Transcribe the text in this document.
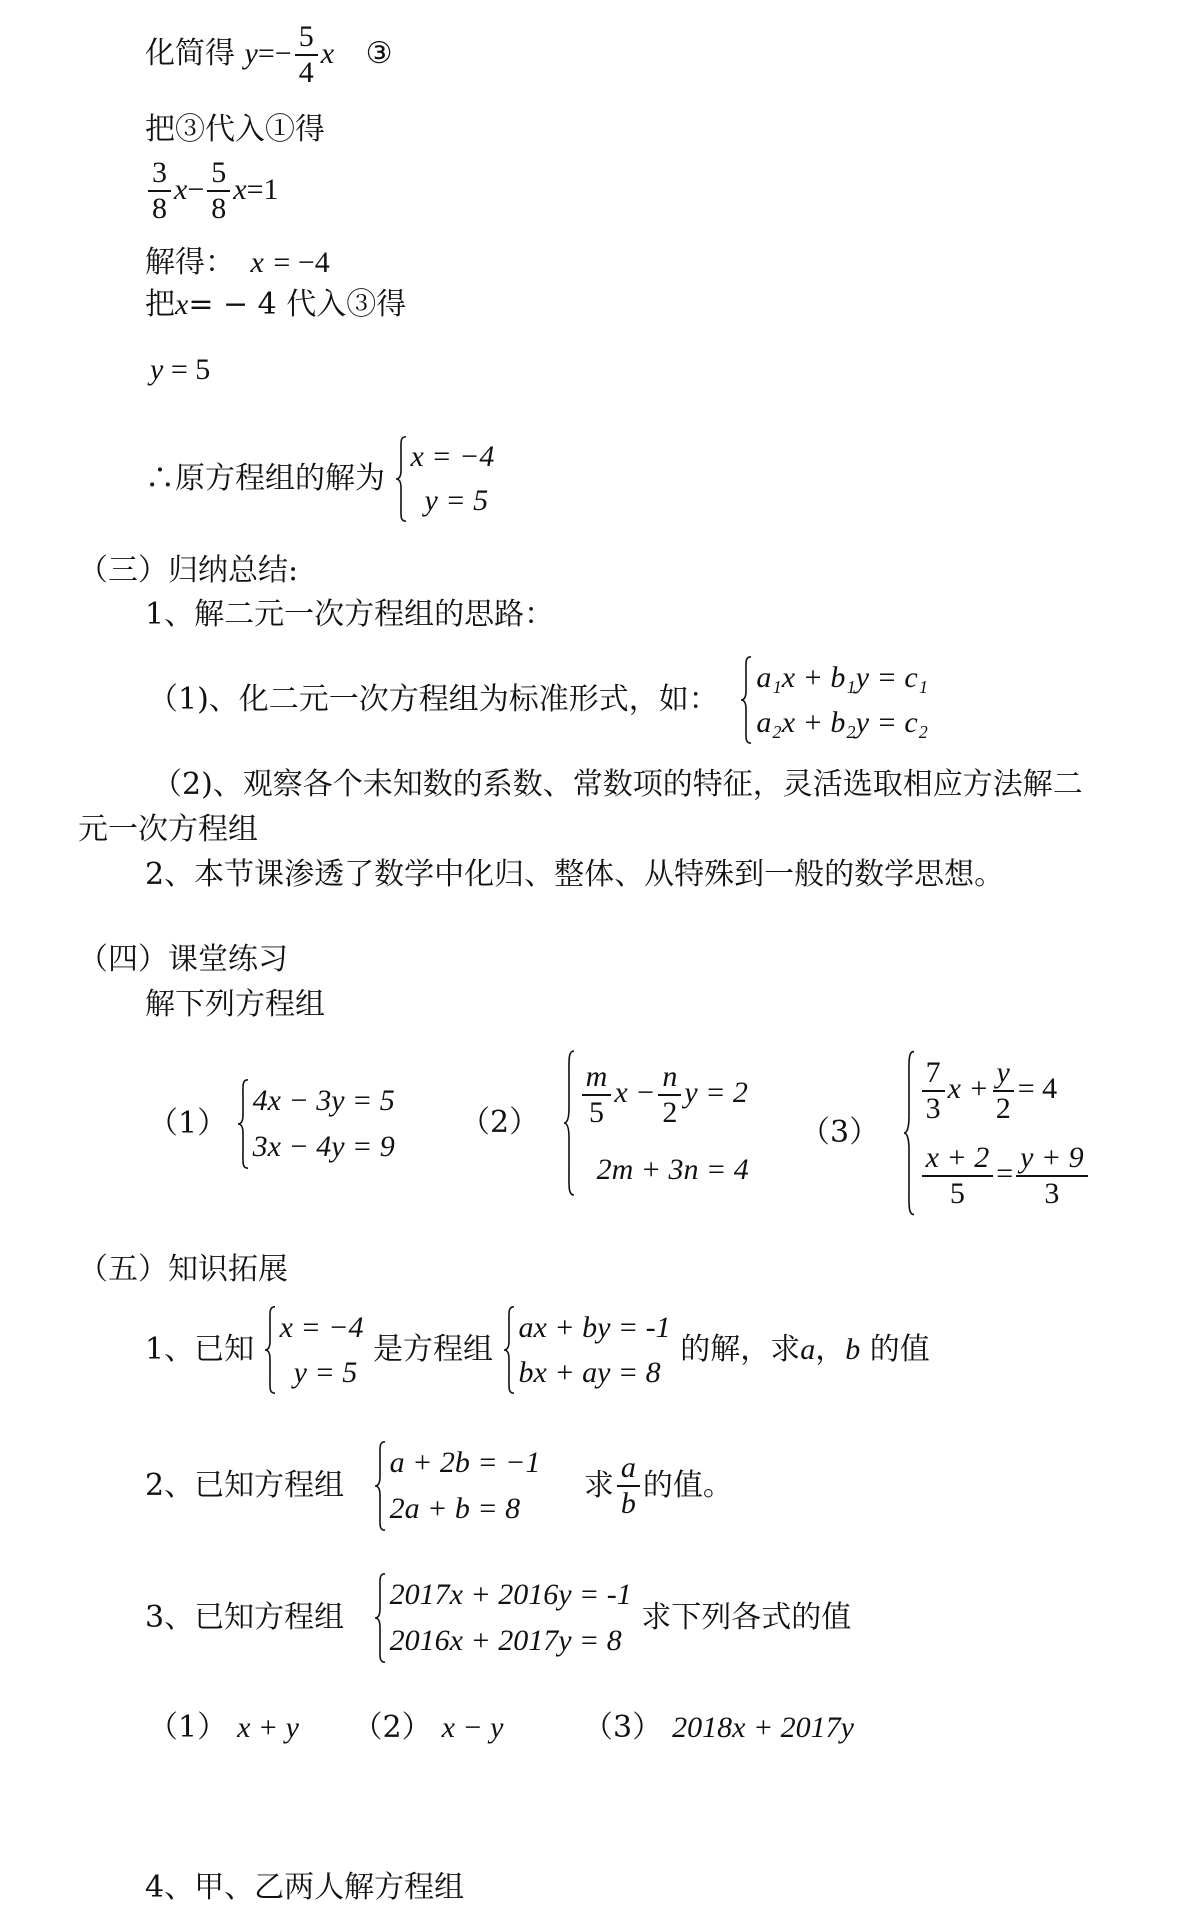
化简得 $y=- \frac{5}{4}$ x ③
把③代入①得
$\frac{3}{8} x- \frac{5}{8} x=1$
解得： x = −4
把x= − 4 代入③得
y = 5
∴原方程组的解为
x = −4
y = 5
（三）归纳总结:
1、解二元一次方程组的思路：
（1)、化二元一次方程组为标准形式，如：
a₁x + b₁y = c₁
a₂x + b₂y = c₂
（2)、观察各个未知数的系数、常数项的特征，灵活选取相应方法解二
元一次方程组
2、本节课渗透了数学中化归、整体、从特殊到一般的数学思想。
（四）课堂练习
解下列方程组
（1）
4x − 3y = 5
3x − 4y = 9
$(2) \frac{m}{5}$ $x - \frac{n}{2}$ y = 2
2m + 3n = 4
（3）
$\frac{7}{3}$ $x + \frac{y}{2} = 4$
$\frac{x + 2}{5} = \frac{y + 9}{3}$
（五）知识拓展
1、已知
x = −4
y = 5
是方程组
ax + by = -1
bx + ay = 8
的解，求a，b 的值
2、已知方程组
a + 2b = −1
2a + b = 8
求 $\frac{a}{b}$ 的值。
3、已知方程组
2017x + 2016y = -1
2016x + 2017y = 8
求下列各式的值
（1） x + y （2） x − y	（3） 2018x + 2017y
4、甲、乙两人解方程组
